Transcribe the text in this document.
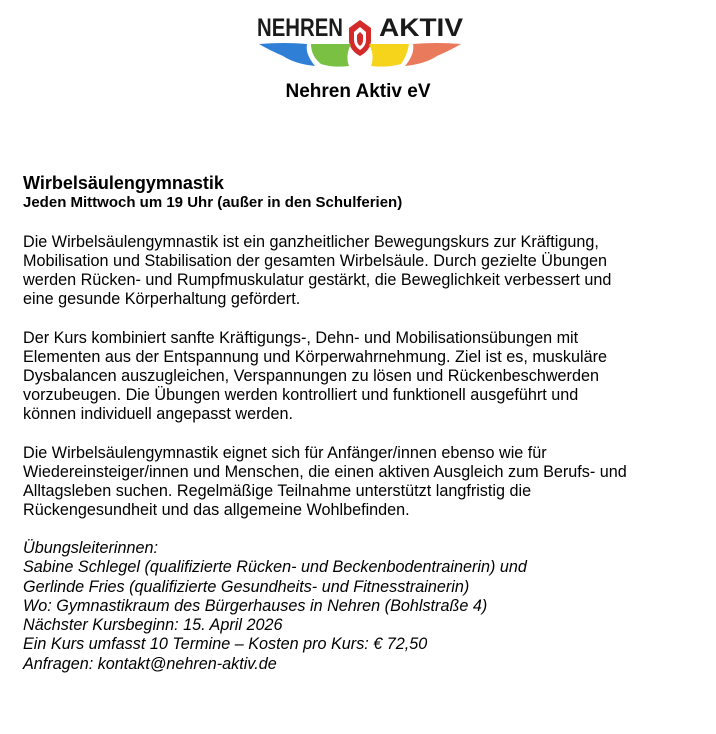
NEHREN AKTIV
Nehren Aktiv eV
Wirbelsäulengymnastik
Jeden Mittwoch um 19 Uhr (außer in den Schulferien)

Die Wirbelsäulengymnastik ist ein ganzheitlicher Bewegungskurs zur Kräftigung,
Mobilisation und Stabilisation der gesamten Wirbelsäule. Durch gezielte Übungen
werden Rücken- und Rumpfmuskulatur gestärkt, die Beweglichkeit verbessert und
eine gesunde Körperhaltung gefördert.

Der Kurs kombiniert sanfte Kräftigungs-, Dehn- und Mobilisationsübungen mit
Elementen aus der Entspannung und Körperwahrnehmung. Ziel ist es, muskuläre
Dysbalancen auszugleichen, Verspannungen zu lösen und Rückenbeschwerden
vorzubeugen. Die Übungen werden kontrolliert und funktionell ausgeführt und
können individuell angepasst werden.

Die Wirbelsäulengymnastik eignet sich für Anfänger/innen ebenso wie für
Wiedereinsteiger/innen und Menschen, die einen aktiven Ausgleich zum Berufs- und
Alltagsleben suchen. Regelmäßige Teilnahme unterstützt langfristig die
Rückengesundheit und das allgemeine Wohlbefinden.

Übungsleiterinnen:
Sabine Schlegel (qualifizierte Rücken- und Beckenbodentrainerin) und
Gerlinde Fries (qualifizierte Gesundheits- und Fitnesstrainerin)
Wo: Gymnastikraum des Bürgerhauses in Nehren (Bohlstraße 4)
Nächster Kursbeginn: 15. April 2026
Ein Kurs umfasst 10 Termine – Kosten pro Kurs: € 72,50
Anfragen: kontakt@nehren-aktiv.de
